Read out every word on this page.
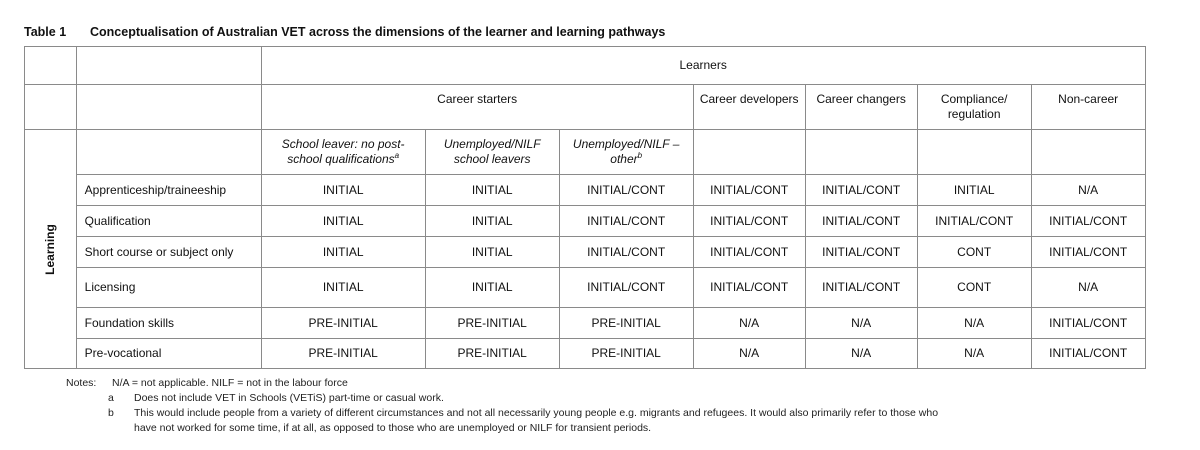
Table 1 Conceptualisation of Australian VET across the dimensions of the learner and learning pathways
		Learners						
		Career starters			Career developers	Career changers	Compliance/ regulation	Non-career
Learning		School leaver: no post-school qualifications$^a$	Unemployed/NILF school leavers	Unemployed/NILF – other$^b$				
	Apprenticeship/traineeship	INITIAL	INITIAL	INITIAL/CONT	INITIAL/CONT	INITIAL/CONT	INITIAL	N/A
	Qualification	INITIAL	INITIAL	INITIAL/CONT	INITIAL/CONT	INITIAL/CONT	INITIAL/CONT	INITIAL/CONT
	Short course or subject only	INITIAL	INITIAL	INITIAL/CONT	INITIAL/CONT	INITIAL/CONT	CONT	INITIAL/CONT
	Licensing	INITIAL	INITIAL	INITIAL/CONT	INITIAL/CONT	INITIAL/CONT	CONT	N/A
	Foundation skills	PRE-INITIAL	PRE-INITIAL	PRE-INITIAL	N/A	N/A	N/A	INITIAL/CONT
	Pre-vocational	PRE-INITIAL	PRE-INITIAL	PRE-INITIAL	N/A	N/A	N/A	INITIAL/CONT
Notes:	N/A = not applicable. NILF = not in the labour force
a	Does not include VET in Schools (VETiS) part-time or casual work.
b	This would include people from a variety of different circumstances and not all necessarily young people e.g. migrants and refugees. It would also primarily refer to those who
have not worked for some time, if at all, as opposed to those who are unemployed or NILF for transient periods.
